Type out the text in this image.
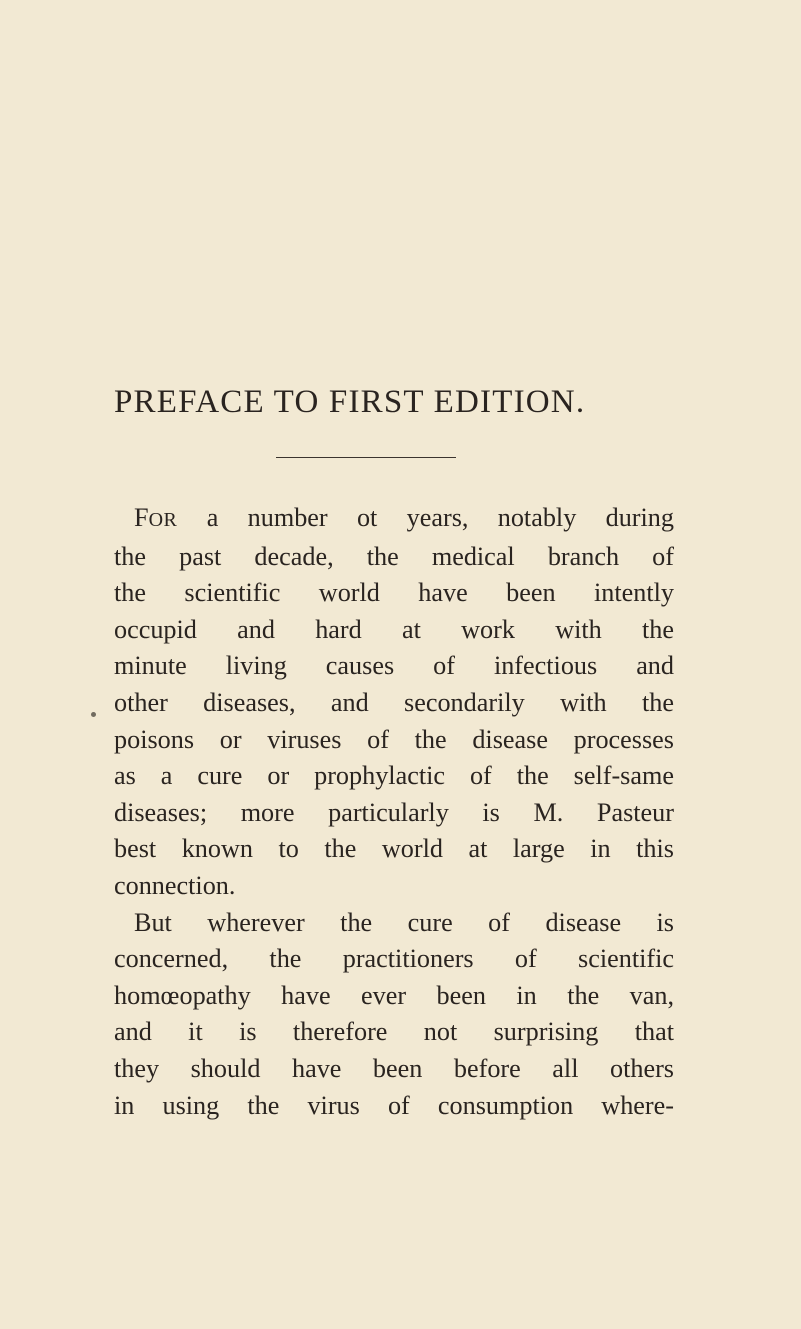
PREFACE TO FIRST EDITION.
FOR a number ot years, notably during
the past decade, the medical branch of
the scientific world have been intently
occupid and hard at work with the
minute living causes of infectious and
other diseases, and secondarily with the
poisons or viruses of the disease processes
as a cure or prophylactic of the self-same
diseases; more particularly is M. Pasteur
best known to the world at large in this
connection.
But wherever the cure of disease is
concerned, the practitioners of scientific
homœopathy have ever been in the van,
and it is therefore not surprising that
they should have been before all others
in using the virus of consumption where-
